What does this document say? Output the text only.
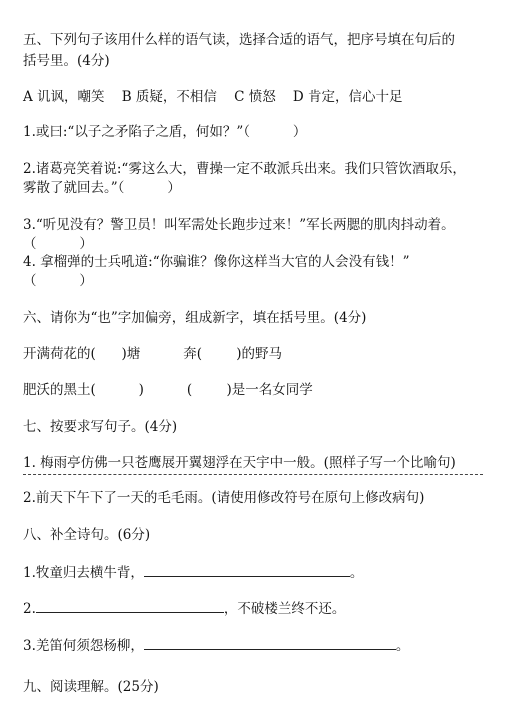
五、下列句子该用什么样的语气读，选择合适的语气，把序号填在句后的
括号里。(4分)
A 讥讽，嘲笑    B 质疑，不相信    C 愤怒    D 肯定，信心十足
1.或曰:“以子之矛陷子之盾，何如？”（          ）
2.诸葛亮笑着说:“雾这么大，曹操一定不敢派兵出来。我们只管饮酒取乐，
雾散了就回去。”（          ）
3.“听见没有？警卫员！叫军需处长跑步过来！”军长两腮的肌肉抖动着。
（          ）
4. 拿榴弹的士兵吼道:“你骗谁？像你这样当大官的人会没有钱！”
（          ）
六、请你为“也”字加偏旁，组成新字，填在括号里。(4分)
开满荷花的(      )塘          奔(        )的野马
肥沃的黑土(          )          (        )是一名女同学
七、按要求写句子。(4分)
1. 梅雨亭仿佛一只苍鹰展开翼翅浮在天宇中一般。(照样子写一个比喻句)
2.前天下午下了一天的毛毛雨。(请使用修改符号在原句上修改病句)
八、补全诗句。(6分)
1.牧童归去横牛背，	。
2.	，不破楼兰终不还。
3.羌笛何须怨杨柳，	。
九、阅读理解。(25分)
